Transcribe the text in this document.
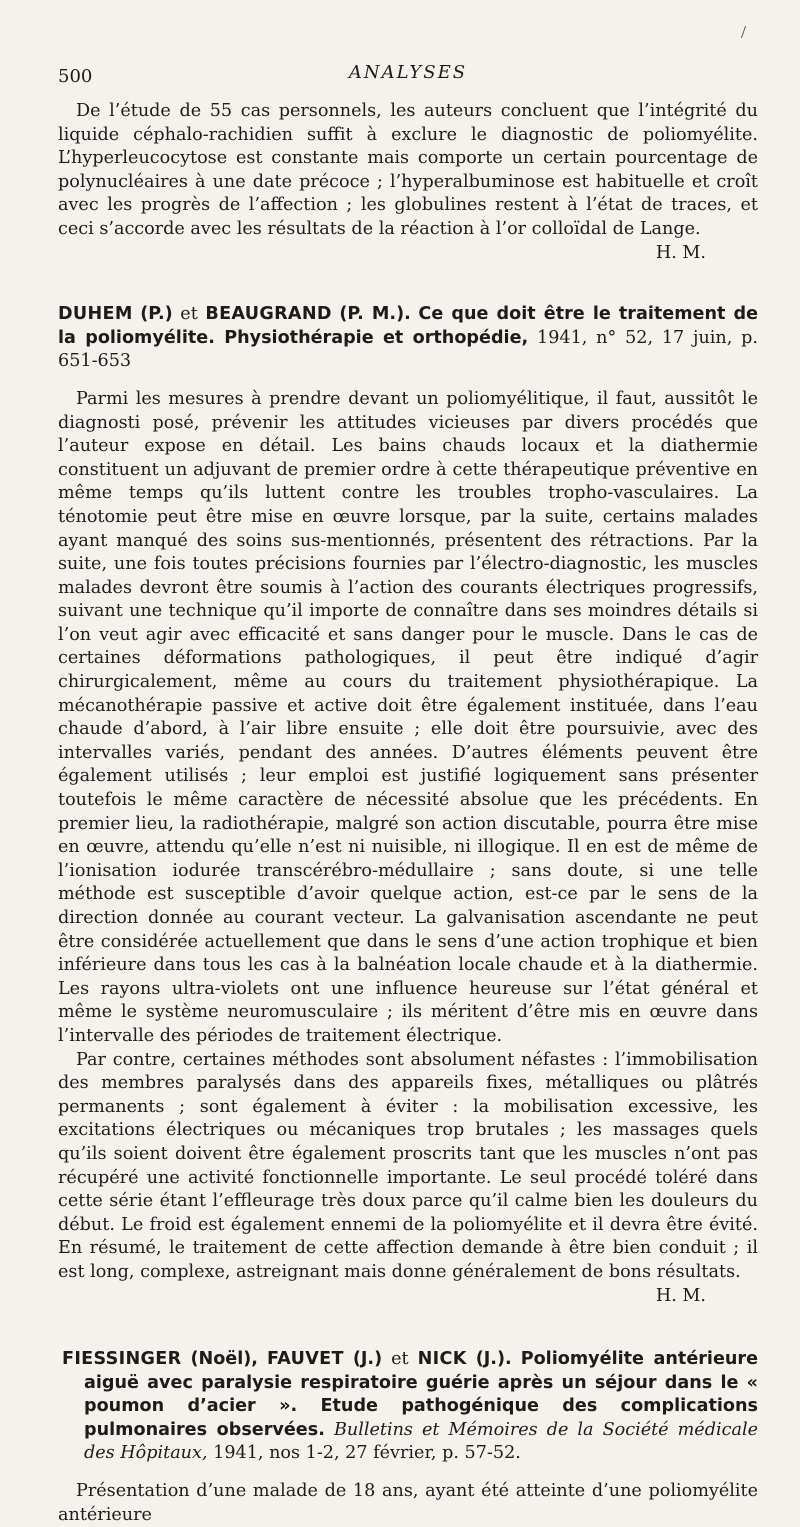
/
500	ANALYSES

De l’étude de 55 cas personnels, les auteurs concluent que l’intégrité du liquide céphalo-rachidien suffit à exclure le diagnostic de poliomyélite. L’hyperleucocytose est constante mais comporte un certain pourcentage de polynucléaires à une date précoce ; l’hyperalbuminose est habituelle et croît avec les progrès de l’affection ; les globulines restent à l’état de traces, et ceci s’accorde avec les résultats de la réaction à l’or colloïdal de Lange.
H. M.

DUHEM (P.) et BEAUGRAND (P. M.). Ce que doit être le traitement de la poliomyélite. Physiothérapie et orthopédie, 1941, n° 52, 17 juin, p. 651-653

Parmi les mesures à prendre devant un poliomyélitique, il faut, aussitôt le diagnosti posé, prévenir les attitudes vicieuses par divers procédés que l’auteur expose en détail. Les bains chauds locaux et la diathermie constituent un adjuvant de premier ordre à cette thérapeutique préventive en même temps qu’ils luttent contre les troubles tropho-vasculaires. La ténotomie peut être mise en œuvre lorsque, par la suite, certains malades ayant manqué des soins sus-mentionnés, présentent des rétractions. Par la suite, une fois toutes précisions fournies par l’électro-diagnostic, les muscles malades devront être soumis à l’action des courants électriques progressifs, suivant une technique qu’il importe de connaître dans ses moindres détails si l’on veut agir avec efficacité et sans danger pour le muscle. Dans le cas de certaines déformations pathologiques, il peut être indiqué d’agir chirurgicalement, même au cours du traitement physiothérapique. La mécanothérapie passive et active doit être également instituée, dans l’eau chaude d’abord, à l’air libre ensuite ; elle doit être poursuivie, avec des intervalles variés, pendant des années. D’autres éléments peuvent être également utilisés ; leur emploi est justifié logiquement sans présenter toutefois le même caractère de nécessité absolue que les précédents. En premier lieu, la radiothérapie, malgré son action discutable, pourra être mise en œuvre, attendu qu’elle n’est ni nuisible, ni illogique. Il en est de même de l’ionisation iodurée transcérébro-médullaire ; sans doute, si une telle méthode est susceptible d’avoir quelque action, est-ce par le sens de la direction donnée au courant vecteur. La galvanisation ascendante ne peut être considérée actuellement que dans le sens d’une action trophique et bien inférieure dans tous les cas à la balnéation locale chaude et à la diathermie. Les rayons ultra-violets ont une influence heureuse sur l’état général et même le système neuromusculaire ; ils méritent d’être mis en œuvre dans l’intervalle des périodes de traitement électrique.

Par contre, certaines méthodes sont absolument néfastes : l’immobilisation des membres paralysés dans des appareils fixes, métalliques ou plâtrés permanents ; sont également à éviter : la mobilisation excessive, les excitations électriques ou mécaniques trop brutales ; les massages quels qu’ils soient doivent être également proscrits tant que les muscles n’ont pas récupéré une activité fonctionnelle importante. Le seul procédé toléré dans cette série étant l’effleurage très doux parce qu’il calme bien les douleurs du début. Le froid est également ennemi de la poliomyélite et il devra être évité. En résumé, le traitement de cette affection demande à être bien conduit ; il est long, complexe, astreignant mais donne généralement de bons résultats.
H. M.

FIESSINGER (Noël), FAUVET (J.) et NICK (J.). Poliomyélite antérieure aiguë avec paralysie respiratoire guérie après un séjour dans le « poumon d’acier ». Etude pathogénique des complications pulmonaires observées. Bulletins et Mémoires de la Société médicale des Hôpitaux, 1941, nos 1-2, 27 février, p. 57-52.

Présentation d’une malade de 18 ans, ayant été atteinte d’une poliomyélite antérieure
